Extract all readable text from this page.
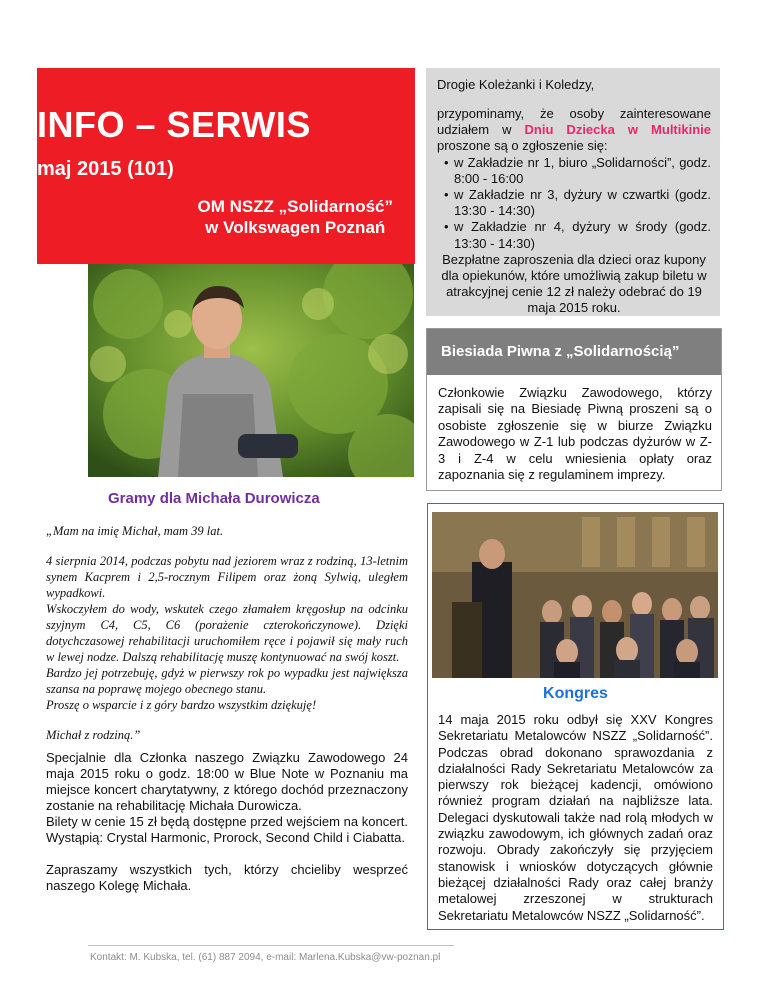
INFO – SERWIS
maj 2015 (101)
OM NSZZ „Solidarność”
w Volkswagen Poznań
Drogie Koleżanki i Koledzy,
przypominamy, że osoby zainteresowane udziałem w Dniu Dziecka w Multikinie proszone są o zgłoszenie się:
• w Zakładzie nr 1, biuro „Solidarności”, godz. 8:00 - 16:00
• w Zakładzie nr 3, dyżury w czwartki (godz. 13:30 - 14:30)
• w Zakładzie nr 4, dyżury w środy (godz. 13:30 - 14:30)
Bezpłatne zaproszenia dla dzieci oraz kupony dla opiekunów, które umożliwią zakup biletu w atrakcyjnej cenie 12 zł należy odebrać do 19 maja 2015 roku.
Biesiada Piwna z „Solidarnością”
Członkowie Związku Zawodowego, którzy zapisali się na Biesiadę Piwną proszeni są o osobiste zgłoszenie się w biurze Związku Zawodowego w Z-1 lub podczas dyżurów w Z-3 i Z-4 w celu wniesienia opłaty oraz zapoznania się z regulaminem imprezy.
Gramy dla Michała Durowicza

„Mam na imię Michał, mam 39 lat.

4 sierpnia 2014, podczas pobytu nad jeziorem wraz z rodziną, 13-letnim synem Kacprem i 2,5-rocznym Filipem oraz żoną Sylwią, uległem wypadkowi.

Wskoczyłem do wody, wskutek czego złamałem kręgosłup na odcinku szyjnym C4, C5, C6 (porażenie czterokończynowe). Dzięki dotychczasowej rehabilitacji uruchomiłem ręce i pojawił się mały ruch w lewej nodze. Dalszą rehabilitację muszę kontynuować na swój koszt.

Bardzo jej potrzebuję, gdyż w pierwszy rok po wypadku jest największa szansa na poprawę mojego obecnego stanu.

Proszę o wsparcie i z góry bardzo wszystkim dziękuję!

Michał z rodziną.”

Specjalnie dla Członka naszego Związku Zawodowego 24 maja 2015 roku o godz. 18:00 w Blue Note w Poznaniu ma miejsce koncert charytatywny, z którego dochód przeznaczony zostanie na rehabilitację Michała Durowicza.

Bilety w cenie 15 zł będą dostępne przed wejściem na koncert. Wystąpią: Crystal Harmonic, Prorock, Second Child i Ciabatta.

Zapraszamy wszystkich tych, którzy chcieliby wesprzeć naszego Kolegę Michała.

Kongres
14 maja 2015 roku odbył się XXV Kongres Sekretariatu Metalowców NSZZ „Solidarność”. Podczas obrad dokonano sprawozdania z działalności Rady Sekretariatu Metalowców za pierwszy rok bieżącej kadencji, omówiono również program działań na najbliższe lata. Delegaci dyskutowali także nad rolą młodych w związku zawodowym, ich głównych zadań oraz rozwoju. Obrady zakończyły się przyjęciem stanowisk i wniosków dotyczących głównie bieżącej działalności Rady oraz całej branży metalowej zrzeszonej w strukturach Sekretariatu Metalowców NSZZ „Solidarność”.
Kontakt: M. Kubska, tel. (61) 887 2094, e-mail: Marlena.Kubska@vw-poznan.pl
